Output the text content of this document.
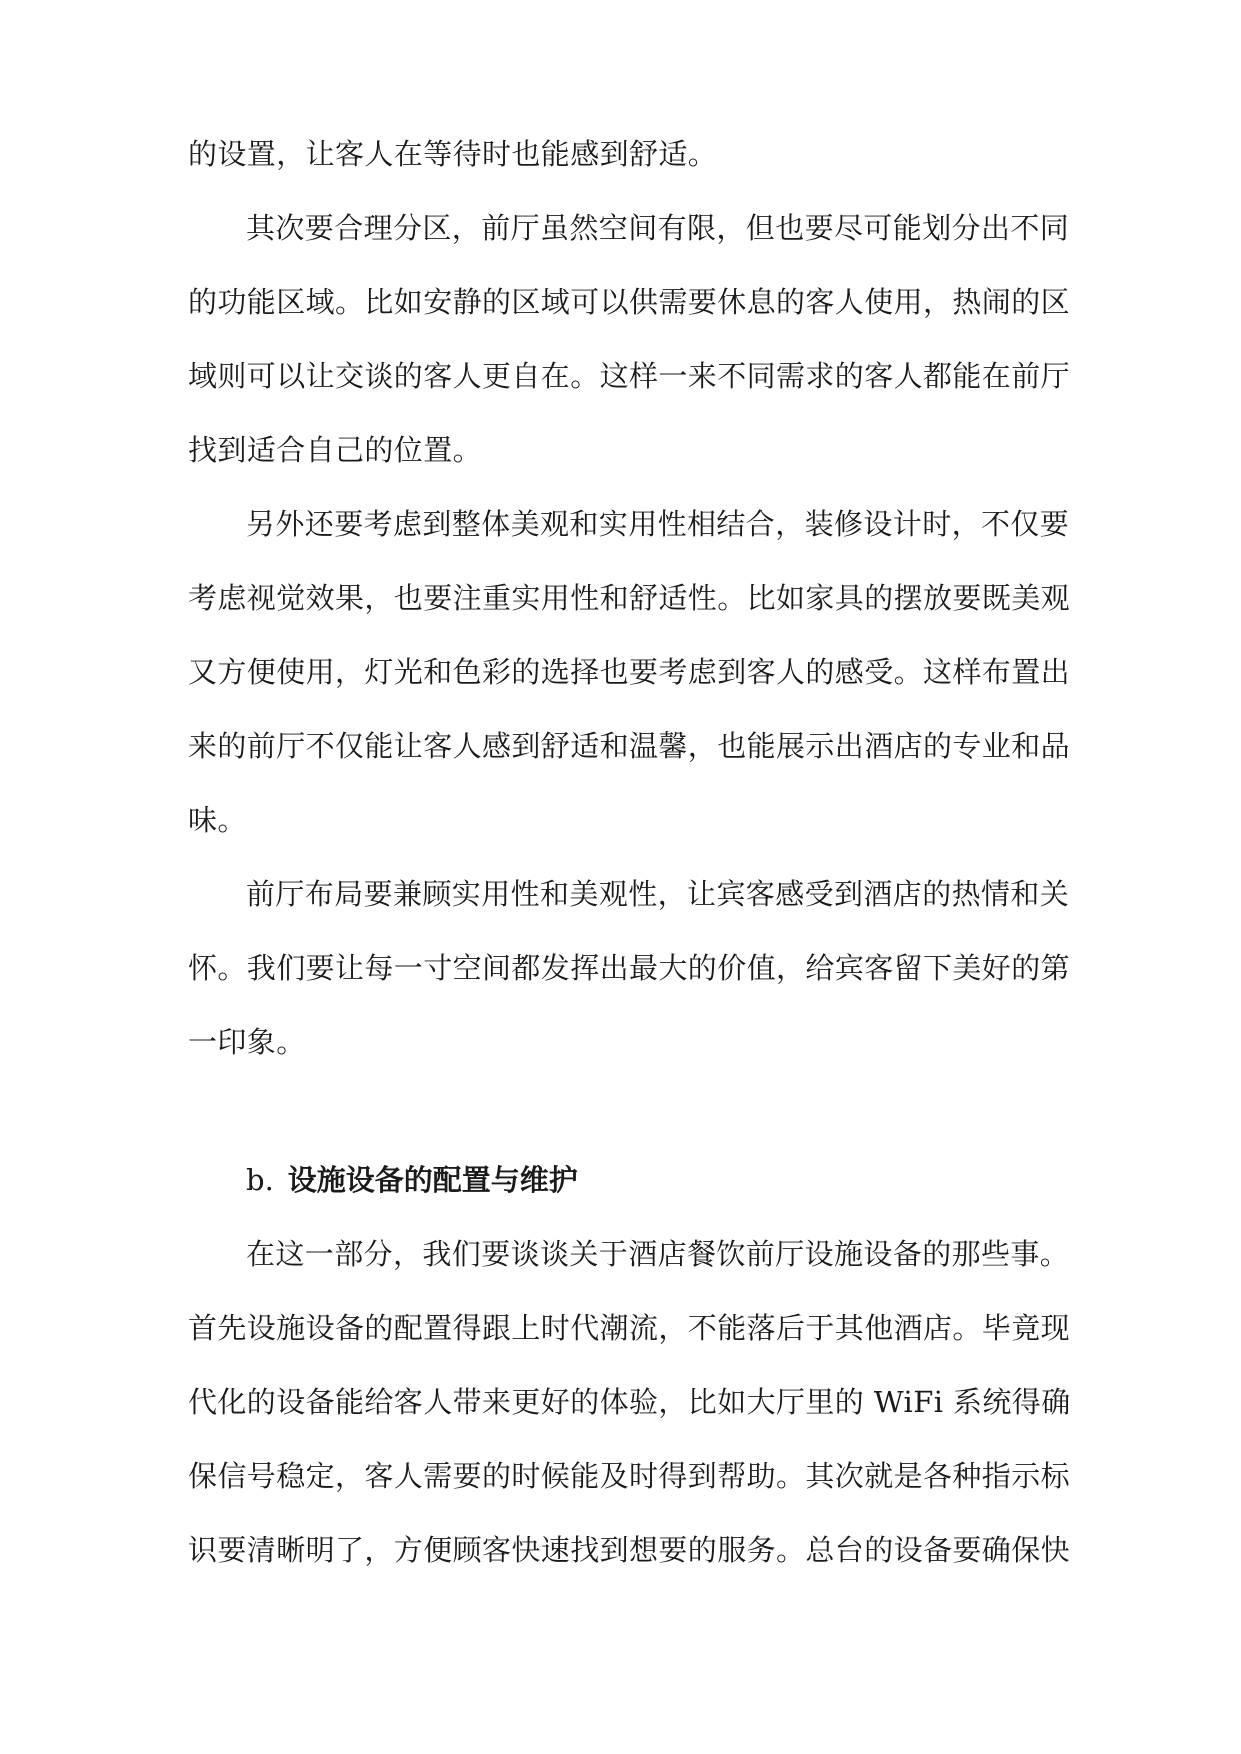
的设置，让客人在等待时也能感到舒适。
其次要合理分区，前厅虽然空间有限，但也要尽可能划分出不同
的功能区域。比如安静的区域可以供需要休息的客人使用，热闹的区
域则可以让交谈的客人更自在。这样一来不同需求的客人都能在前厅
找到适合自己的位置。
另外还要考虑到整体美观和实用性相结合，装修设计时，不仅要
考虑视觉效果，也要注重实用性和舒适性。比如家具的摆放要既美观
又方便使用，灯光和色彩的选择也要考虑到客人的感受。这样布置出
来的前厅不仅能让客人感到舒适和温馨，也能展示出酒店的专业和品
味。
前厅布局要兼顾实用性和美观性，让宾客感受到酒店的热情和关
怀。我们要让每一寸空间都发挥出最大的价值，给宾客留下美好的第
一印象。
b. 设施设备的配置与维护
在这一部分，我们要谈谈关于酒店餐饮前厅设施设备的那些事。
首先设施设备的配置得跟上时代潮流，不能落后于其他酒店。毕竟现
代化的设备能给客人带来更好的体验，比如大厅里的 WiFi 系统得确
保信号稳定，客人需要的时候能及时得到帮助。其次就是各种指示标
识要清晰明了，方便顾客快速找到想要的服务。总台的设备要确保快
